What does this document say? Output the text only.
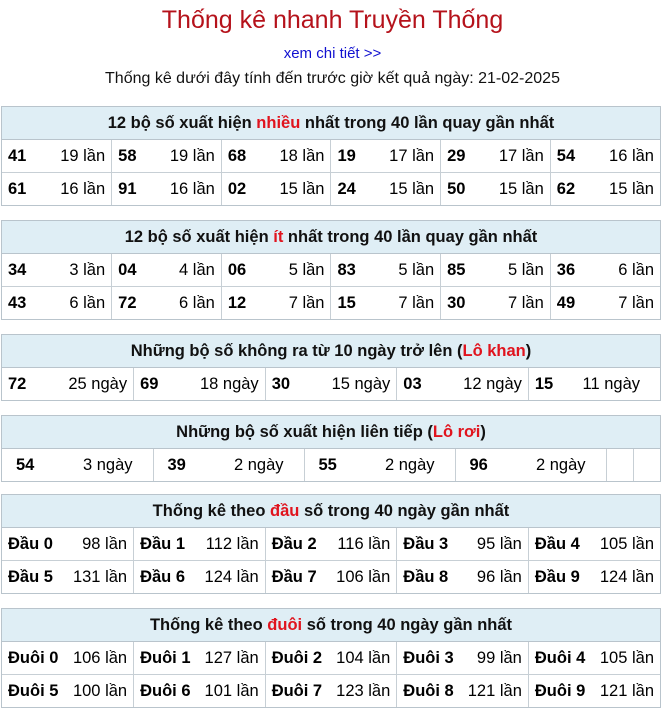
Thống kê nhanh Truyền Thống
xem chi tiết >>
Thống kê dưới đây tính đến trước giờ kết quả ngày: 21-02-2025
12 bộ số xuất hiện nhiều nhất trong 40 lần quay gần nhất
41 19 lần	58 19 lần	68 18 lần	19 17 lần	29 17 lần	54 16 lần

61 16 lần	91 16 lần	02 15 lần	24 15 lần	50 15 lần	62 15 lần
12 bộ số xuất hiện ít nhất trong 40 lần quay gần nhất
34 3 lần	04 4 lần	06 5 lần	83 5 lần	85 5 lần	36 6 lần

43 6 lần	72 6 lần	12 7 lần	15 7 lần	30 7 lần	49 7 lần
Những bộ số không ra từ 10 ngày trở lên (Lô khan)
72	25 ngày	69	18 ngày	30	15 ngày	03	12 ngày	15 11 ngày
Những bộ số xuất hiện liên tiếp (Lô rơi)
54	3 ngày	39	2 ngày	55	2 ngày	96	2 ngày

Thống kê theo đầu số trong 40 ngày gần nhất
Đầu 0 98 lần	Đầu 1 112 lần	Đầu 2 116 lần	Đầu 3 95 lần	Đầu 4 105 lần

Đầu 5 131 lần	Đầu 6 124 lần	Đầu 7 106 lần	Đầu 8 96 lần	Đầu 9 124 lần
Thống kê theo đuôi số trong 40 ngày gần nhất
Đuôi 0 106 lần	Đuôi 1 127 lần	Đuôi 2 104 lần	Đuôi 3 99 lần	Đuôi 4 105 lần

Đuôi 5 100 lần	Đuôi 6 101 lần	Đuôi 7 123 lần	Đuôi 8 121 lần	Đuôi 9 121 lần
